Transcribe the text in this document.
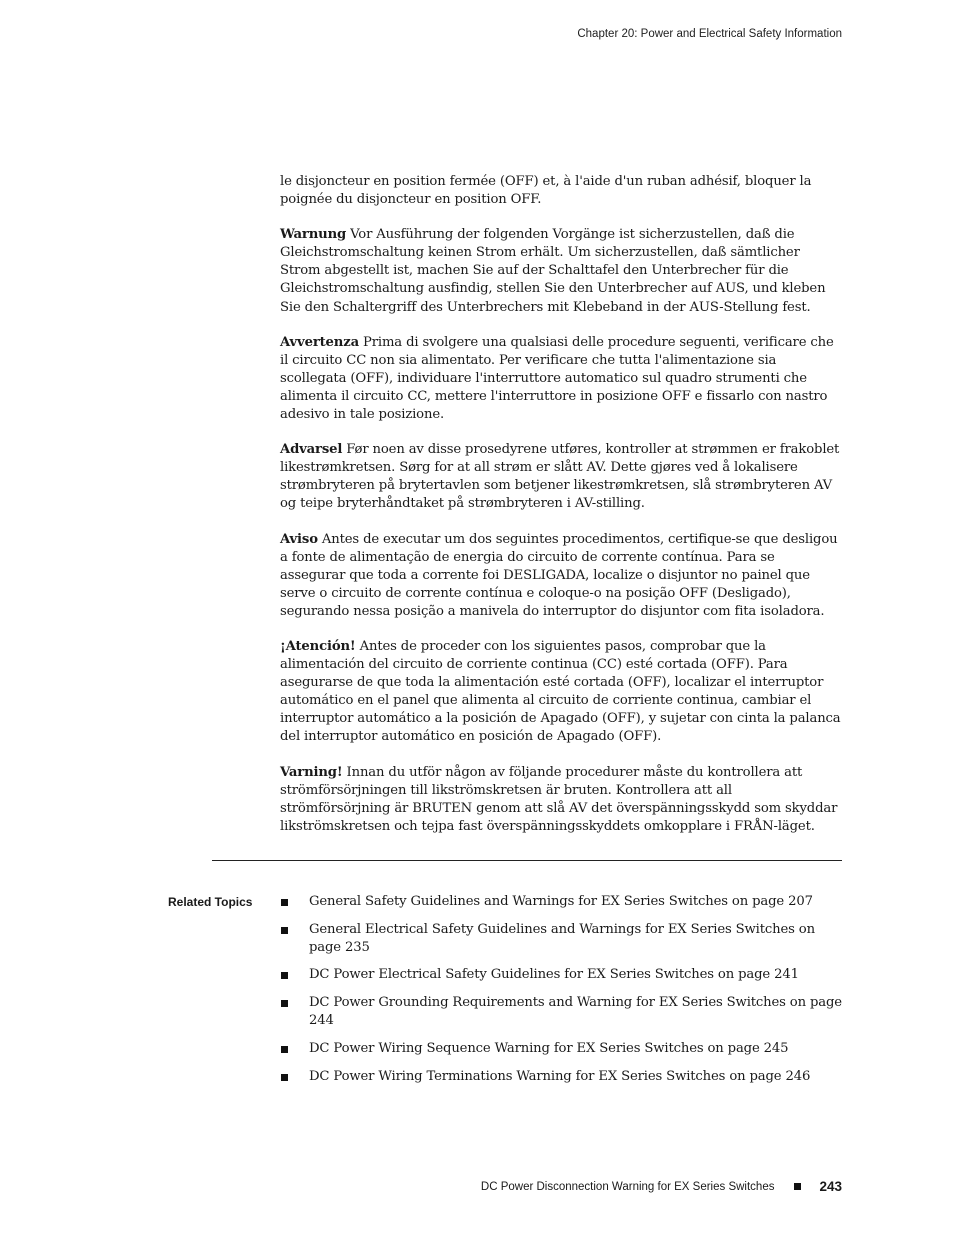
Chapter 20: Power and Electrical Safety Information

le disjoncteur en position fermée (OFF) et, à l'aide d'un ruban adhésif, bloquer la poignée du disjoncteur en position OFF.

Warnung Vor Ausführung der folgenden Vorgänge ist sicherzustellen, daß die Gleichstromschaltung keinen Strom erhält. Um sicherzustellen, daß sämtlicher Strom abgestellt ist, machen Sie auf der Schalttafel den Unterbrecher für die Gleichstromschaltung ausfindig, stellen Sie den Unterbrecher auf AUS, und kleben Sie den Schaltergriff des Unterbrechers mit Klebeband in der AUS-Stellung fest.

Avvertenza Prima di svolgere una qualsiasi delle procedure seguenti, verificare che il circuito CC non sia alimentato. Per verificare che tutta l'alimentazione sia scollegata (OFF), individuare l'interruttore automatico sul quadro strumenti che alimenta il circuito CC, mettere l'interruttore in posizione OFF e fissarlo con nastro adesivo in tale posizione.

Advarsel Før noen av disse prosedyrene utføres, kontroller at strømmen er frakoblet likestrømkretsen. Sørg for at all strøm er slått AV. Dette gjøres ved å lokalisere strømbryteren på brytertavlen som betjener likestrømkretsen, slå strømbryteren AV og teipe bryterhåndtaket på strømbryteren i AV-stilling.

Aviso Antes de executar um dos seguintes procedimentos, certifique-se que desligou a fonte de alimentação de energia do circuito de corrente contínua. Para se assegurar que toda a corrente foi DESLIGADA, localize o disjuntor no painel que serve o circuito de corrente contínua e coloque-o na posição OFF (Desligado), segurando nessa posição a manivela do interruptor do disjuntor com fita isoladora.

¡Atención! Antes de proceder con los siguientes pasos, comprobar que la alimentación del circuito de corriente continua (CC) esté cortada (OFF). Para asegurarse de que toda la alimentación esté cortada (OFF), localizar el interruptor automático en el panel que alimenta al circuito de corriente continua, cambiar el interruptor automático a la posición de Apagado (OFF), y sujetar con cinta la palanca del interruptor automático en posición de Apagado (OFF).

Varning! Innan du utför någon av följande procedurer måste du kontrollera att strömförsörjningen till likströmskretsen är bruten. Kontrollera att all strömförsörjning är BRUTEN genom att slå AV det överspänningsskydd som skyddar likströmskretsen och tejpa fast överspänningsskyddets omkopplare i FRÅN-läget.

Related Topics	General Safety Guidelines and Warnings for EX Series Switches on page 207
General Electrical Safety Guidelines and Warnings for EX Series Switches on page 235
DC Power Electrical Safety Guidelines for EX Series Switches on page 241
DC Power Grounding Requirements and Warning for EX Series Switches on page 244
DC Power Wiring Sequence Warning for EX Series Switches on page 245
DC Power Wiring Terminations Warning for EX Series Switches on page 246
DC Power Disconnection Warning for EX Series Switches	243
